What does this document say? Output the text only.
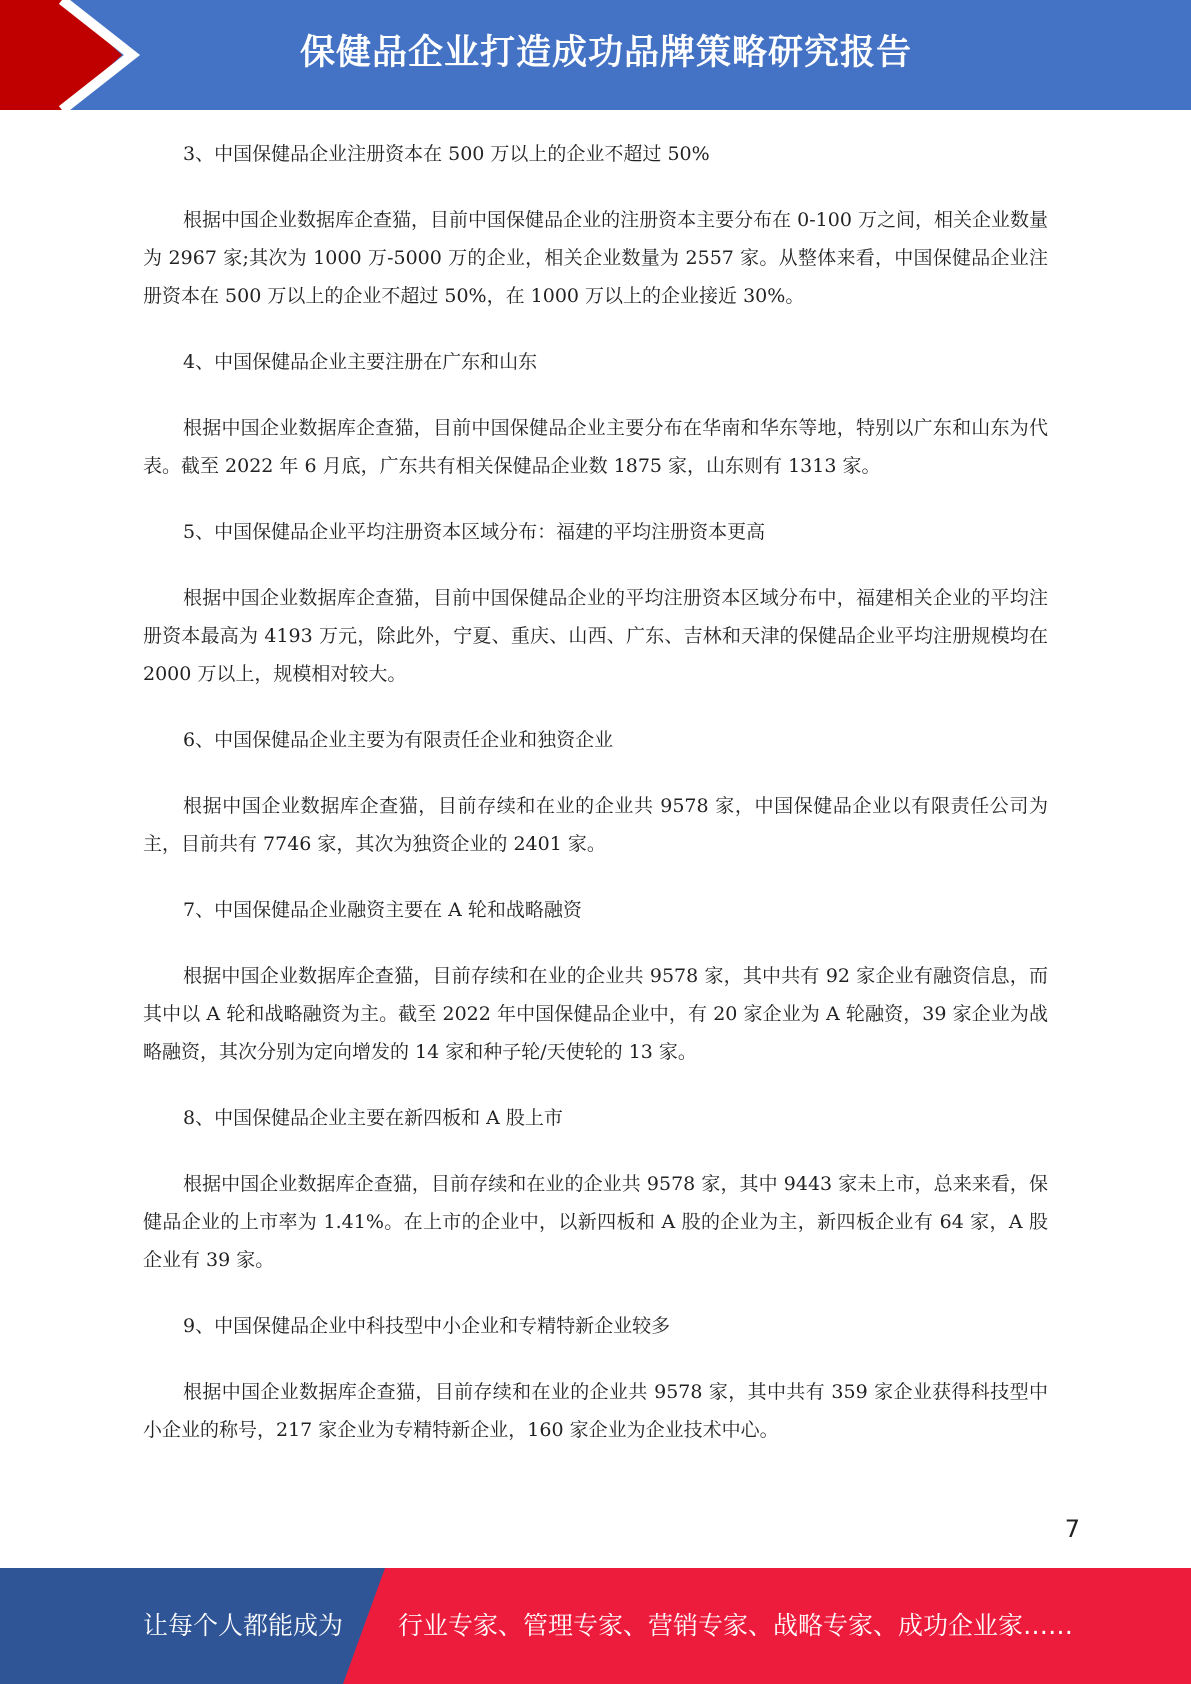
保健品企业打造成功品牌策略研究报告

3、中国保健品企业注册资本在 500 万以上的企业不超过 50%

根据中国企业数据库企查猫，目前中国保健品企业的注册资本主要分布在 0-100 万之间，相关企业数量为 2967 家;其次为 1000 万-5000 万的企业，相关企业数量为 2557 家。从整体来看，中国保健品企业注册资本在 500 万以上的企业不超过 50%，在 1000 万以上的企业接近 30%。

4、中国保健品企业主要注册在广东和山东

根据中国企业数据库企查猫，目前中国保健品企业主要分布在华南和华东等地，特别以广东和山东为代表。截至 2022 年 6 月底，广东共有相关保健品企业数 1875 家，山东则有 1313 家。

5、中国保健品企业平均注册资本区域分布：福建的平均注册资本更高

根据中国企业数据库企查猫，目前中国保健品企业的平均注册资本区域分布中，福建相关企业的平均注册资本最高为 4193 万元，除此外，宁夏、重庆、山西、广东、吉林和天津的保健品企业平均注册规模均在 2000 万以上，规模相对较大。

6、中国保健品企业主要为有限责任企业和独资企业

根据中国企业数据库企查猫，目前存续和在业的企业共 9578 家，中国保健品企业以有限责任公司为主，目前共有 7746 家，其次为独资企业的 2401 家。

7、中国保健品企业融资主要在 A 轮和战略融资

根据中国企业数据库企查猫，目前存续和在业的企业共 9578 家，其中共有 92 家企业有融资信息，而其中以 A 轮和战略融资为主。截至 2022 年中国保健品企业中，有 20 家企业为 A 轮融资，39 家企业为战略融资，其次分别为定向增发的 14 家和种子轮/天使轮的 13 家。

8、中国保健品企业主要在新四板和 A 股上市

根据中国企业数据库企查猫，目前存续和在业的企业共 9578 家，其中 9443 家未上市，总来来看，保健品企业的上市率为 1.41%。在上市的企业中，以新四板和 A 股的企业为主，新四板企业有 64 家，A 股企业有 39 家。

9、中国保健品企业中科技型中小企业和专精特新企业较多

根据中国企业数据库企查猫，目前存续和在业的企业共 9578 家，其中共有 359 家企业获得科技型中小企业的称号，217 家企业为专精特新企业，160 家企业为企业技术中心。

7
让每个人都能成为 行业专家、管理专家、营销专家、战略专家、成功企业家……
